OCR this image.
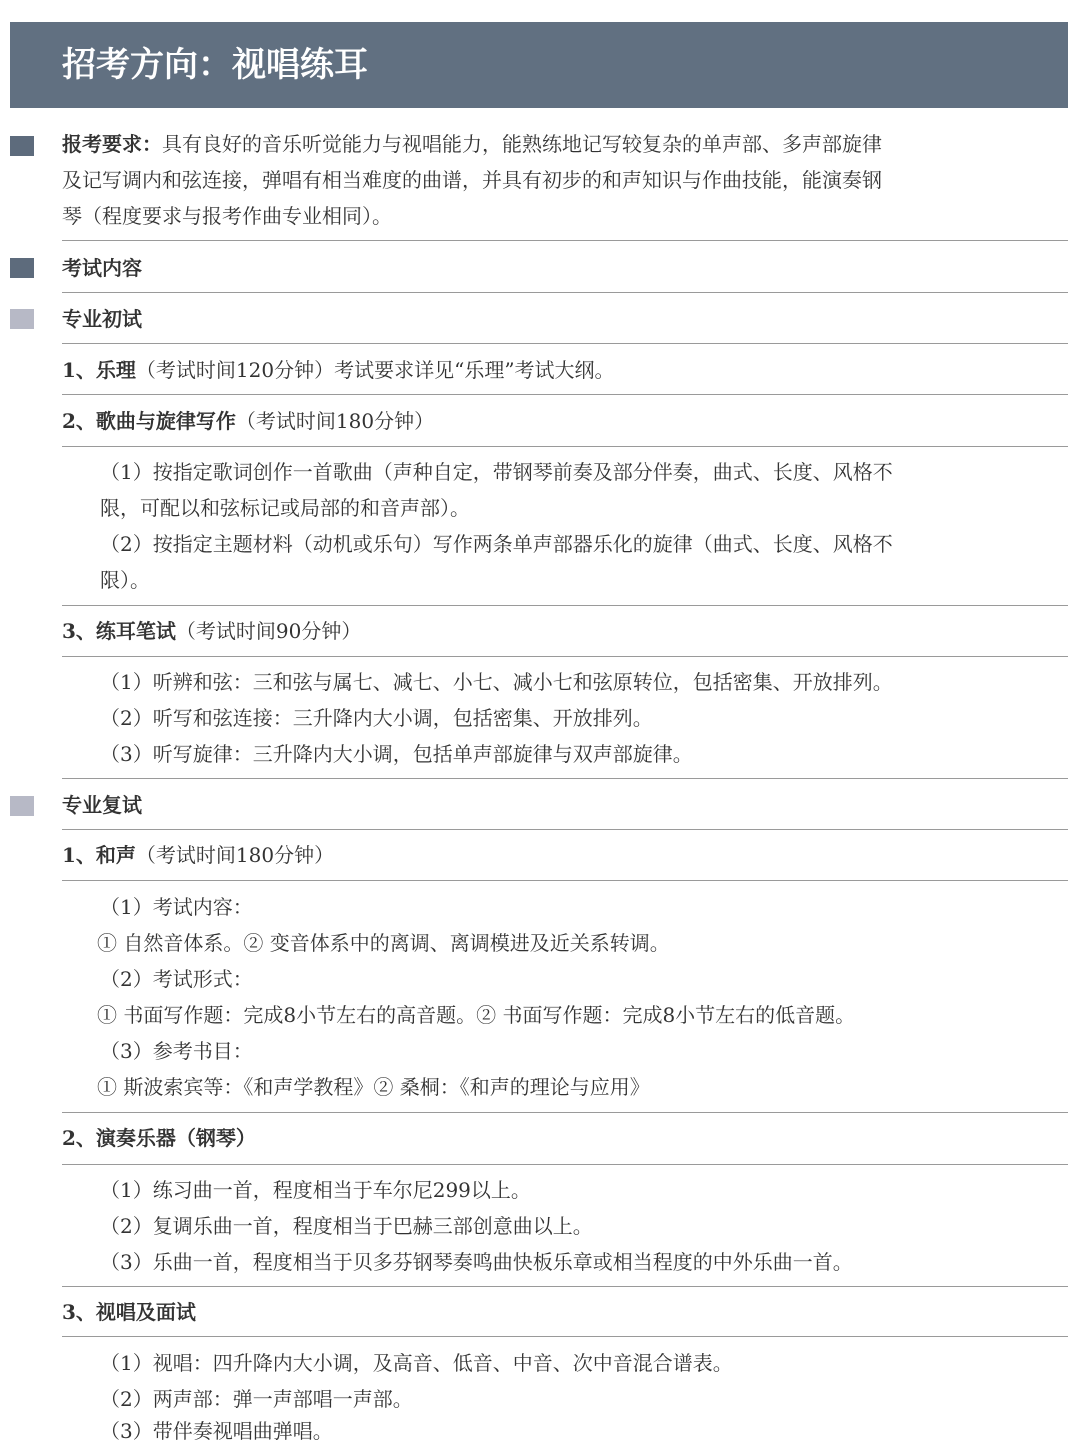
招考方向：视唱练耳
报考要求：具有良好的音乐听觉能力与视唱能力，能熟练地记写较复杂的单声部、多声部旋律
及记写调内和弦连接，弹唱有相当难度的曲谱，并具有初步的和声知识与作曲技能，能演奏钢
琴（程度要求与报考作曲专业相同）。
考试内容
专业初试
1、乐理（考试时间120分钟）考试要求详见“乐理”考试大纲。
2、歌曲与旋律写作（考试时间180分钟）
（1）按指定歌词创作一首歌曲（声种自定，带钢琴前奏及部分伴奏，曲式、长度、风格不
限，可配以和弦标记或局部的和音声部）。
（2）按指定主题材料（动机或乐句）写作两条单声部器乐化的旋律（曲式、长度、风格不
限）。
3、练耳笔试（考试时间90分钟）
（1）听辨和弦：三和弦与属七、减七、小七、减小七和弦原转位，包括密集、开放排列。
（2）听写和弦连接：三升降内大小调，包括密集、开放排列。
（3）听写旋律：三升降内大小调，包括单声部旋律与双声部旋律。
专业复试
1、和声（考试时间180分钟）
（1）考试内容：
① 自然音体系。② 变音体系中的离调、离调模进及近关系转调。
（2）考试形式：
① 书面写作题：完成8小节左右的高音题。② 书面写作题：完成8小节左右的低音题。
（3）参考书目：
① 斯波索宾等：《和声学教程》② 桑桐：《和声的理论与应用》
2、演奏乐器（钢琴）
（1）练习曲一首，程度相当于车尔尼299以上。
（2）复调乐曲一首，程度相当于巴赫三部创意曲以上。
（3）乐曲一首，程度相当于贝多芬钢琴奏鸣曲快板乐章或相当程度的中外乐曲一首。
3、视唱及面试
（1）视唱：四升降内大小调，及高音、低音、中音、次中音混合谱表。
（2）两声部：弹一声部唱一声部。
（3）带伴奏视唱曲弹唱。
